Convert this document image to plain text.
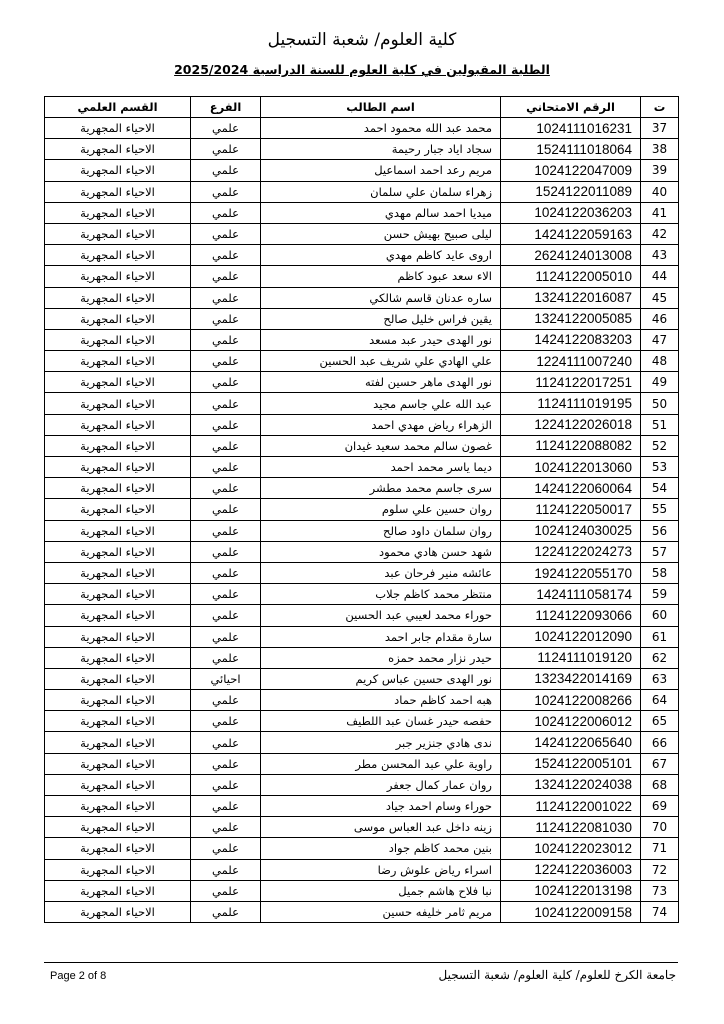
كلية العلوم/ شعبة التسجيل
الطلبة المقبولين في كلية العلوم للسنة الدراسية 2025/2024
ت	الرقم الامتحاني	اسم الطالب	الفرع	القسم العلمي
37	1024111016231	محمد عبد الله محمود احمد	علمي	الاحياء المجهرية
38	1524111018064	سجاد اياد جبار رحيمة	علمي	الاحياء المجهرية
39	1024122047009	مريم رعد احمد اسماعيل	علمي	الاحياء المجهرية
40	1524122011089	زهراء سلمان علي سلمان	علمي	الاحياء المجهرية
41	1024122036203	ميديا احمد سالم مهدي	علمي	الاحياء المجهرية
42	1424122059163	ليلى صبيح بهيش حسن	علمي	الاحياء المجهرية
43	2624124013008	اروى عايد كاظم مهدي	علمي	الاحياء المجهرية
44	1124122005010	الاء سعد عبود كاظم	علمي	الاحياء المجهرية
45	1324122016087	ساره عدنان قاسم شالكي	علمي	الاحياء المجهرية
46	1324122005085	يقين فراس خليل صالح	علمي	الاحياء المجهرية
47	1424122083203	نور الهدى حيدر عبد مسعد	علمي	الاحياء المجهرية
48	1224111007240	علي الهادي علي شريف عبد الحسين	علمي	الاحياء المجهرية
49	1124122017251	نور الهدى ماهر حسين لفته	علمي	الاحياء المجهرية
50	1124111019195	عبد الله علي جاسم مجيد	علمي	الاحياء المجهرية
51	1224122026018	الزهراء رياض مهدي احمد	علمي	الاحياء المجهرية
52	1124122088082	غصون سالم محمد سعيد غيدان	علمي	الاحياء المجهرية
53	1024122013060	ديما ياسر محمد احمد	علمي	الاحياء المجهرية
54	1424122060064	سرى جاسم محمد مطشر	علمي	الاحياء المجهرية
55	1124122050017	روان حسين علي سلوم	علمي	الاحياء المجهرية
56	1024124030025	روان سلمان داود صالح	علمي	الاحياء المجهرية
57	1224122024273	شهد حسن هادي محمود	علمي	الاحياء المجهرية
58	1924122055170	عائشه منير فرحان عبد	علمي	الاحياء المجهرية
59	1424111058174	منتظر محمد كاظم جلاب	علمي	الاحياء المجهرية
60	1124122093066	حوراء محمد لعيبي عبد الحسين	علمي	الاحياء المجهرية
61	1024122012090	سارة مقدام جابر احمد	علمي	الاحياء المجهرية
62	1124111019120	حيدر نزار محمد حمزه	علمي	الاحياء المجهرية
63	1323422014169	نور الهدى حسين عباس كريم	احيائي	الاحياء المجهرية
64	1024122008266	هبه احمد كاظم حماد	علمي	الاحياء المجهرية
65	1024122006012	حفصه حيدر غسان عبد اللطيف	علمي	الاحياء المجهرية
66	1424122065640	ندى هادي جنزير جبر	علمي	الاحياء المجهرية
67	1524122005101	راوية علي عبد المحسن مطر	علمي	الاحياء المجهرية
68	1324122024038	روان عمار كمال جعفر	علمي	الاحياء المجهرية
69	1124122001022	حوراء وسام احمد جياد	علمي	الاحياء المجهرية
70	1124122081030	زينه داخل عبد العباس موسى	علمي	الاحياء المجهرية
71	1024122023012	بنين محمد كاظم جواد	علمي	الاحياء المجهرية
72	1224122036003	اسراء رياض علوش رضا	علمي	الاحياء المجهرية
73	1024122013198	نبا فلاح هاشم جميل	علمي	الاحياء المجهرية
74	1024122009158	مريم ثامر خليفه حسين	علمي	الاحياء المجهرية
Page 2 of 8	جامعة الكرخ للعلوم/ كلية العلوم/ شعبة التسجيل
